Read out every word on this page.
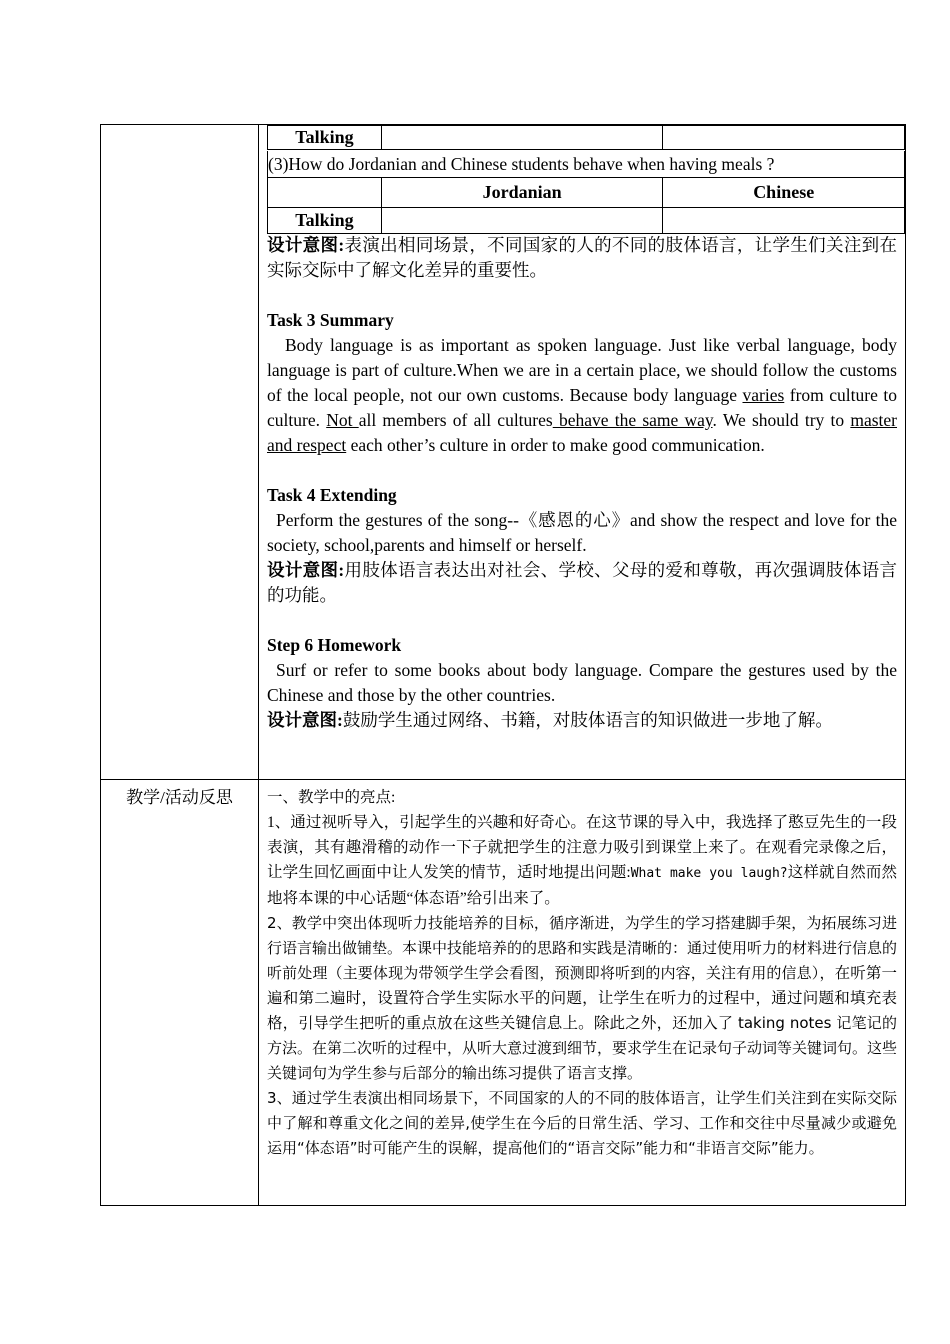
Talking		
(3)How do Jordanian and Chinese students behave when having meals ?
	Jordanian	Chinese
Talking		

设计意图:表演出相同场景，不同国家的人的不同的肢体语言，让学生们关注到在实际交际中了解文化差异的重要性。

Task 3 Summary

Body language is as important as spoken language. Just like verbal language, body language is part of culture.When we are in a certain place, we should follow the customs of the local people, not our own customs. Because body language varies from culture to culture. Not all members of all cultures behave the same way. We should try to master and respect each other’s culture in order to make good communication.

Task 4 Extending

Perform the gestures of the song--《感恩的心》and show the respect and love for the society, school,parents and himself or herself.

设计意图:用肢体语言表达出对社会、学校、父母的爱和尊敬，再次强调肢体语言的功能。

Step 6 Homework

Surf or refer to some books about body language. Compare the gestures used by the Chinese and those by the other countries.

设计意图:鼓励学生通过网络、书籍，对肢体语言的知识做进一步地了解。

教学/活动反思	一、教学中的亮点:

1、通过视听导入，引起学生的兴趣和好奇心。在这节课的导入中，我选择了憨豆先生的一段表演，其有趣滑稽的动作一下子就把学生的注意力吸引到课堂上来了。在观看完录像之后，让学生回忆画面中让人发笑的情节，适时地提出问题:What make you laugh?这样就自然而然地将本课的中心话题“体态语”给引出来了。

2、教学中突出体现听力技能培养的目标，循序渐进，为学生的学习搭建脚手架，为拓展练习进行语言输出做铺垫。本课中技能培养的的思路和实践是清晰的：通过使用听力的材料进行信息的听前处理（主要体现为带领学生学会看图，预测即将听到的内容，关注有用的信息），在听第一遍和第二遍时，设置符合学生实际水平的问题，让学生在听力的过程中，通过问题和填充表格，引导学生把听的重点放在这些关键信息上。除此之外，还加入了 taking notes 记笔记的方法。在第二次听的过程中，从听大意过渡到细节，要求学生在记录句子动词等关键词句。这些关键词句为学生参与后部分的输出练习提供了语言支撑。

3、通过学生表演出相同场景下，不同国家的人的不同的肢体语言，让学生们关注到在实际交际中了解和尊重文化之间的差异,使学生在今后的日常生活、学习、工作和交往中尽量减少或避免运用“体态语”时可能产生的误解，提高他们的“语言交际”能力和“非语言交际”能力。
